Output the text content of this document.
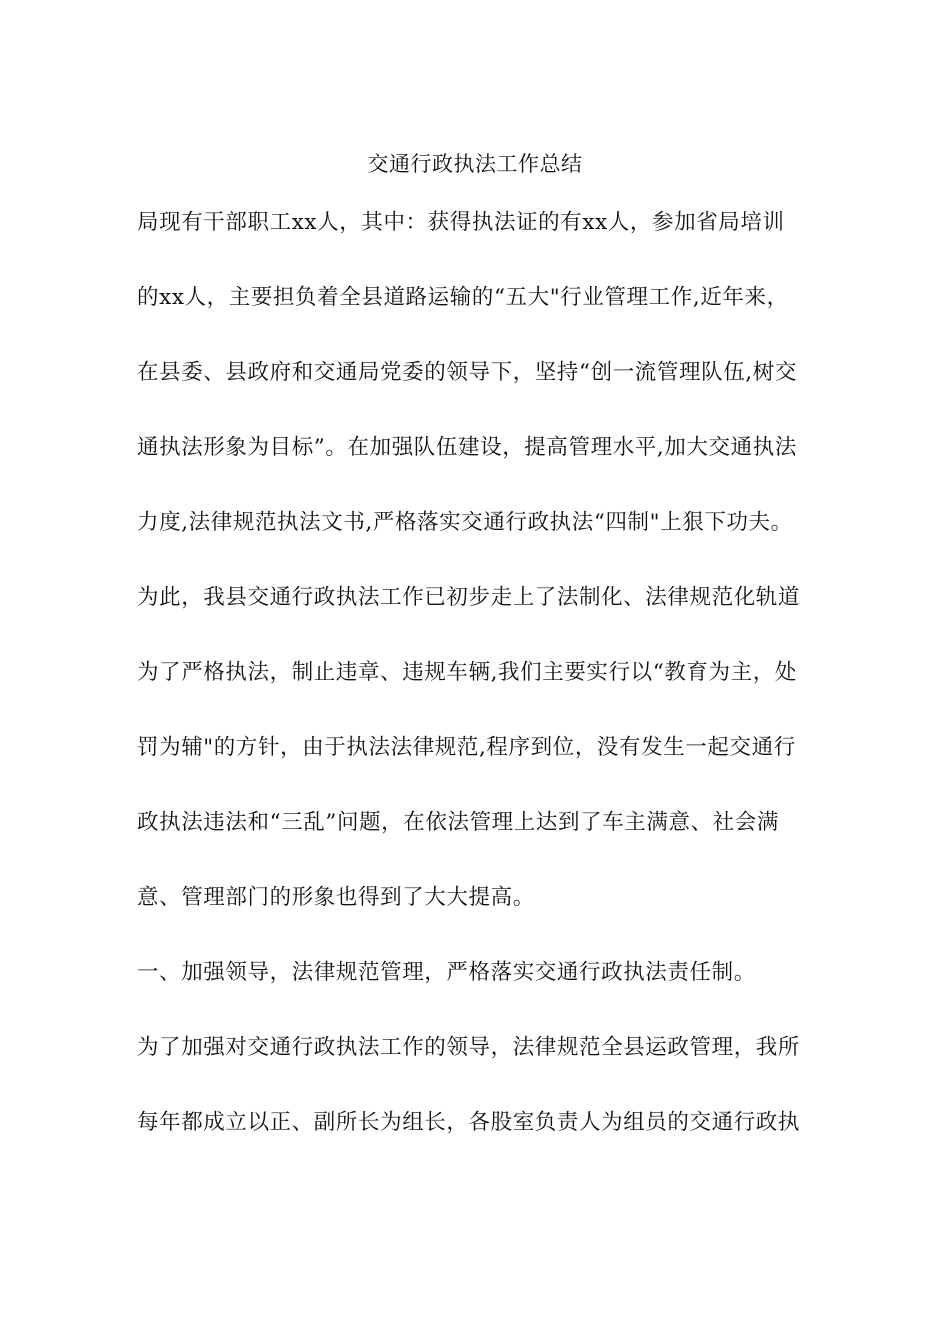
交通行政执法工作总结
局现有干部职工xx人，其中：获得执法证的有xx人，参加省局培训
的xx人，主要担负着全县道路运输的“五大"行业管理工作,近年来，
在县委、县政府和交通局党委的领导下，坚持“创一流管理队伍,树交
通执法形象为目标”。在加强队伍建设，提高管理水平,加大交通执法
力度,法律规范执法文书,严格落实交通行政执法“四制"上狠下功夫。
为此，我县交通行政执法工作已初步走上了法制化、法律规范化轨道
为了严格执法，制止违章、违规车辆,我们主要实行以“教育为主，处
罚为辅"的方针，由于执法法律规范,程序到位，没有发生一起交通行
政执法违法和“三乱”问题，在依法管理上达到了车主满意、社会满
意、管理部门的形象也得到了大大提高。
一、加强领导，法律规范管理，严格落实交通行政执法责任制。
为了加强对交通行政执法工作的领导，法律规范全县运政管理，我所
每年都成立以正、副所长为组长，各股室负责人为组员的交通行政执
